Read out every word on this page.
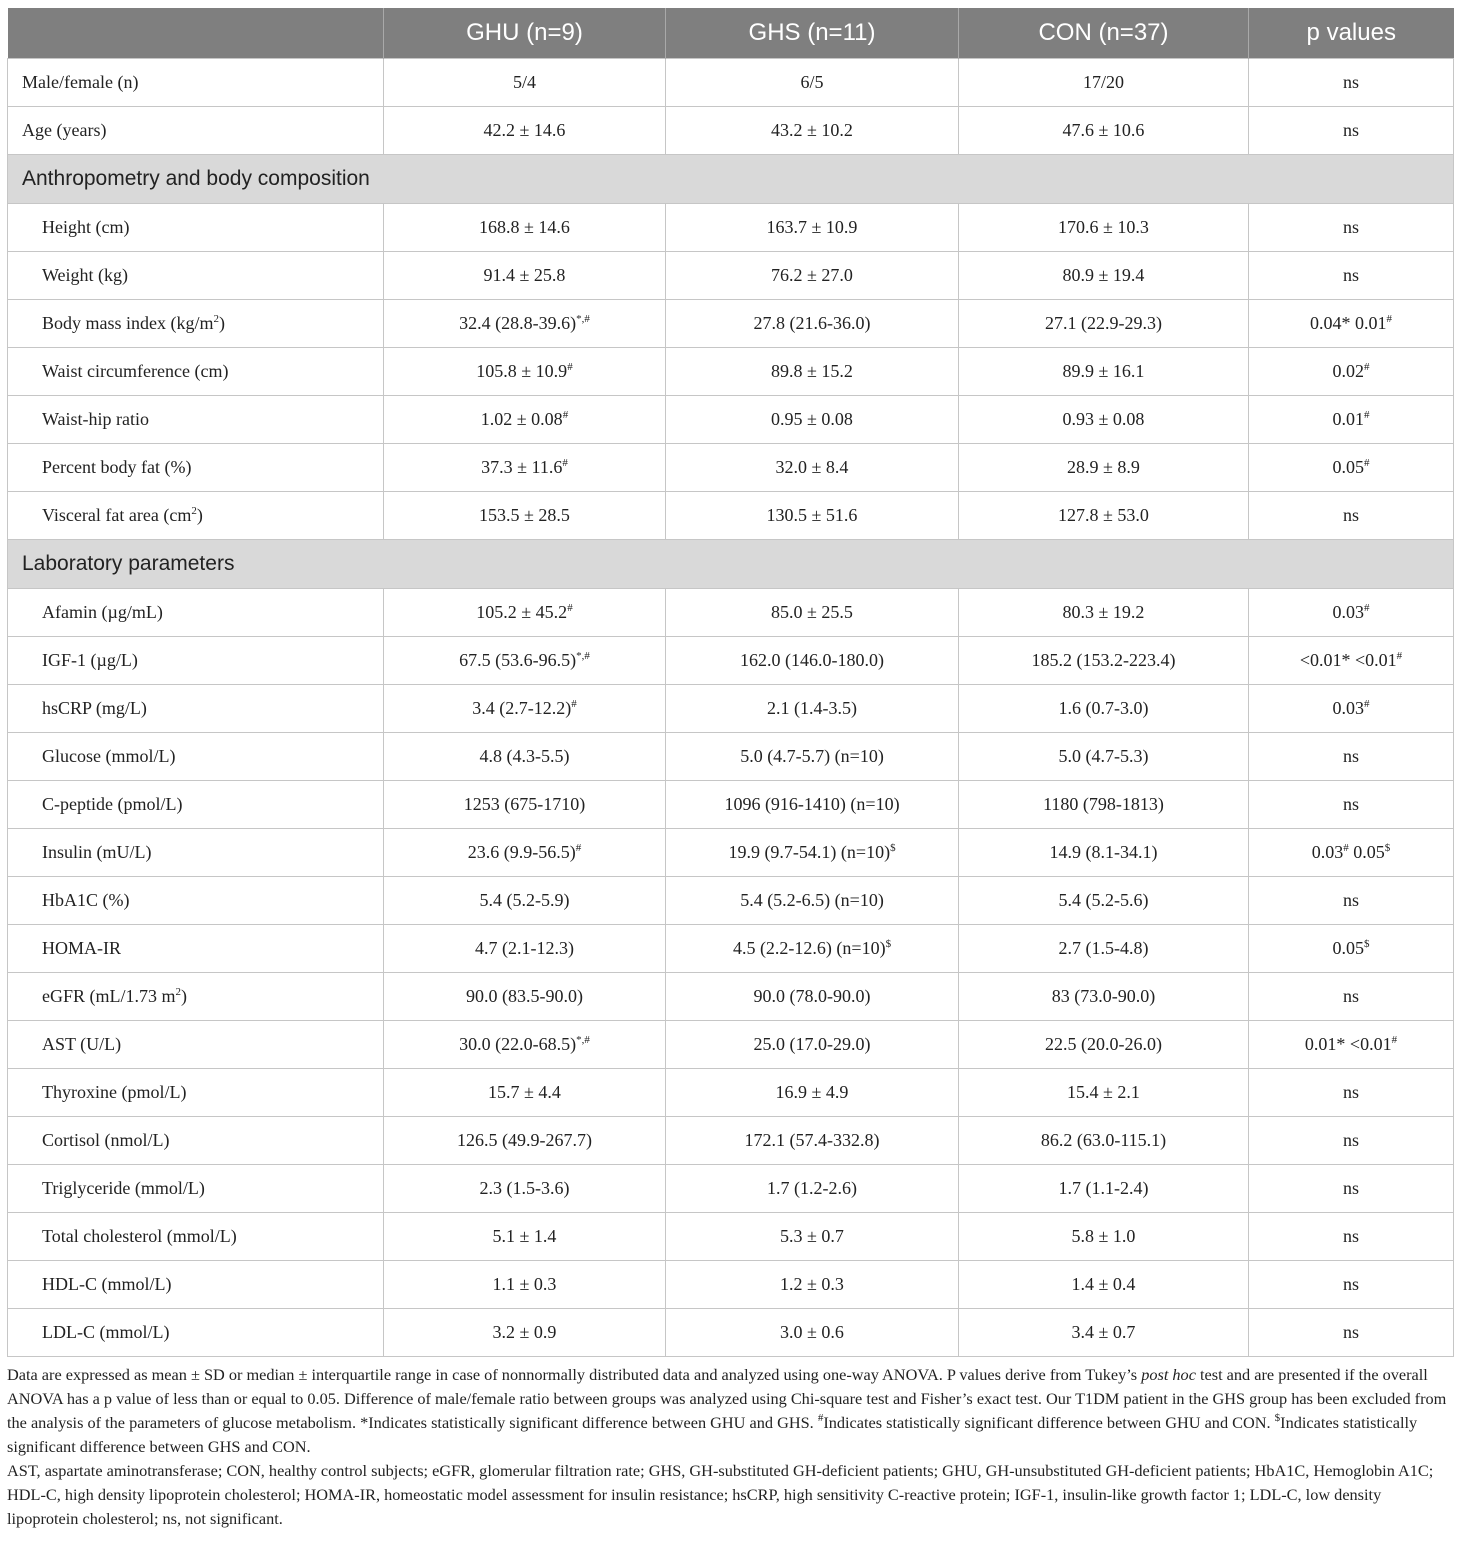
	GHU (n=9)	GHS (n=11)	CON (n=37)	p values
Male/female (n)	5/4	6/5	17/20	ns
Age (years)	42.2 ± 14.6	43.2 ± 10.2	47.6 ± 10.6	ns
Anthropometry and body composition				
Height (cm)	168.8 ± 14.6	163.7 ± 10.9	170.6 ± 10.3	ns
Weight (kg)	91.4 ± 25.8	76.2 ± 27.0	80.9 ± 19.4	ns
Body mass index $(kg/m^2)$	32.4 (28.8-39.6)*,#	27.8 (21.6-36.0)	27.1 (22.9-29.3)	0.04* 0.01#
Waist circumference (cm)	105.8 ± 10.9#	89.8 ± 15.2	89.9 ± 16.1	0.02#
Waist-hip ratio	1.02 ± 0.08#	0.95 ± 0.08	0.93 ± 0.08	0.01#
Percent body fat (%)	37.3 ± 11.6#	32.0 ± 8.4	28.9 ± 8.9	0.05#
Visceral fat area $(cm^2)$	153.5 ± 28.5	130.5 ± 51.6	127.8 ± 53.0	ns
Laboratory parameters				
Afamin (µg/mL)	105.2 ± 45.2#	85.0 ± 25.5	80.3 ± 19.2	0.03#
IGF-1 (µg/L)	67.5 (53.6-96.5)*,#	162.0 (146.0-180.0)	185.2 (153.2-223.4)	<0.01* <0.01#
hsCRP (mg/L)	3.4 (2.7-12.2)#	2.1 (1.4-3.5)	1.6 (0.7-3.0)	0.03#
Glucose (mmol/L)	4.8 (4.3-5.5)	5.0 (4.7-5.7) (n=10)	5.0 (4.7-5.3)	ns
C-peptide (pmol/L)	1253 (675-1710)	1096 (916-1410) (n=10)	1180 (798-1813)	ns
Insulin (mU/L)	23.6 (9.9-56.5)#	19.9 (9.7-54.1) (n=10)$	14.9 (8.1-34.1)	0.03# 0.05$
HbA1C (%)	5.4 (5.2-5.9)	5.4 (5.2-6.5) (n=10)	5.4 (5.2-5.6)	ns
HOMA-IR	4.7 (2.1-12.3)	4.5 (2.2-12.6) (n=10)$	2.7 (1.5-4.8)	0.05$
eGFR (mL/1.73 $m^2$)	90.0 (83.5-90.0)	90.0 (78.0-90.0)	83 (73.0-90.0)	ns
AST (U/L)	30.0 (22.0-68.5)*,#	25.0 (17.0-29.0)	22.5 (20.0-26.0)	0.01* <0.01#
Thyroxine (pmol/L)	15.7 ± 4.4	16.9 ± 4.9	15.4 ± 2.1	ns
Cortisol (nmol/L)	126.5 (49.9-267.7)	172.1 (57.4-332.8)	86.2 (63.0-115.1)	ns
Triglyceride (mmol/L)	2.3 (1.5-3.6)	1.7 (1.2-2.6)	1.7 (1.1-2.4)	ns
Total cholesterol (mmol/L)	5.1 ± 1.4	5.3 ± 0.7	5.8 ± 1.0	ns
HDL-C (mmol/L)	1.1 ± 0.3	1.2 ± 0.3	1.4 ± 0.4	ns
LDL-C (mmol/L)	3.2 ± 0.9	3.0 ± 0.6	3.4 ± 0.7	ns

Data are expressed as mean ± SD or median ± interquartile range in case of nonnormally distributed data and analyzed using one-way ANOVA. P values derive from Tukey’s post hoc test and are presented if the overall ANOVA has a p value of less than or equal to 0.05. Difference of male/female ratio between groups was analyzed using Chi-square test and Fisher’s exact test. Our T1DM patient in the GHS group has been excluded from the analysis of the parameters of glucose metabolism. *Indicates statistically significant difference between GHU and GHS. #Indicates statistically significant difference between GHU and CON. $Indicates statistically significant difference between GHS and CON.

AST, aspartate aminotransferase; CON, healthy control subjects; eGFR, glomerular filtration rate; GHS, GH-substituted GH-deficient patients; GHU, GH-unsubstituted GH-deficient patients; HbA1C, Hemoglobin A1C; HDL-C, high density lipoprotein cholesterol; HOMA-IR, homeostatic model assessment for insulin resistance; hsCRP, high sensitivity C-reactive protein; IGF-1, insulin-like growth factor 1; LDL-C, low density lipoprotein cholesterol; ns, not significant.
